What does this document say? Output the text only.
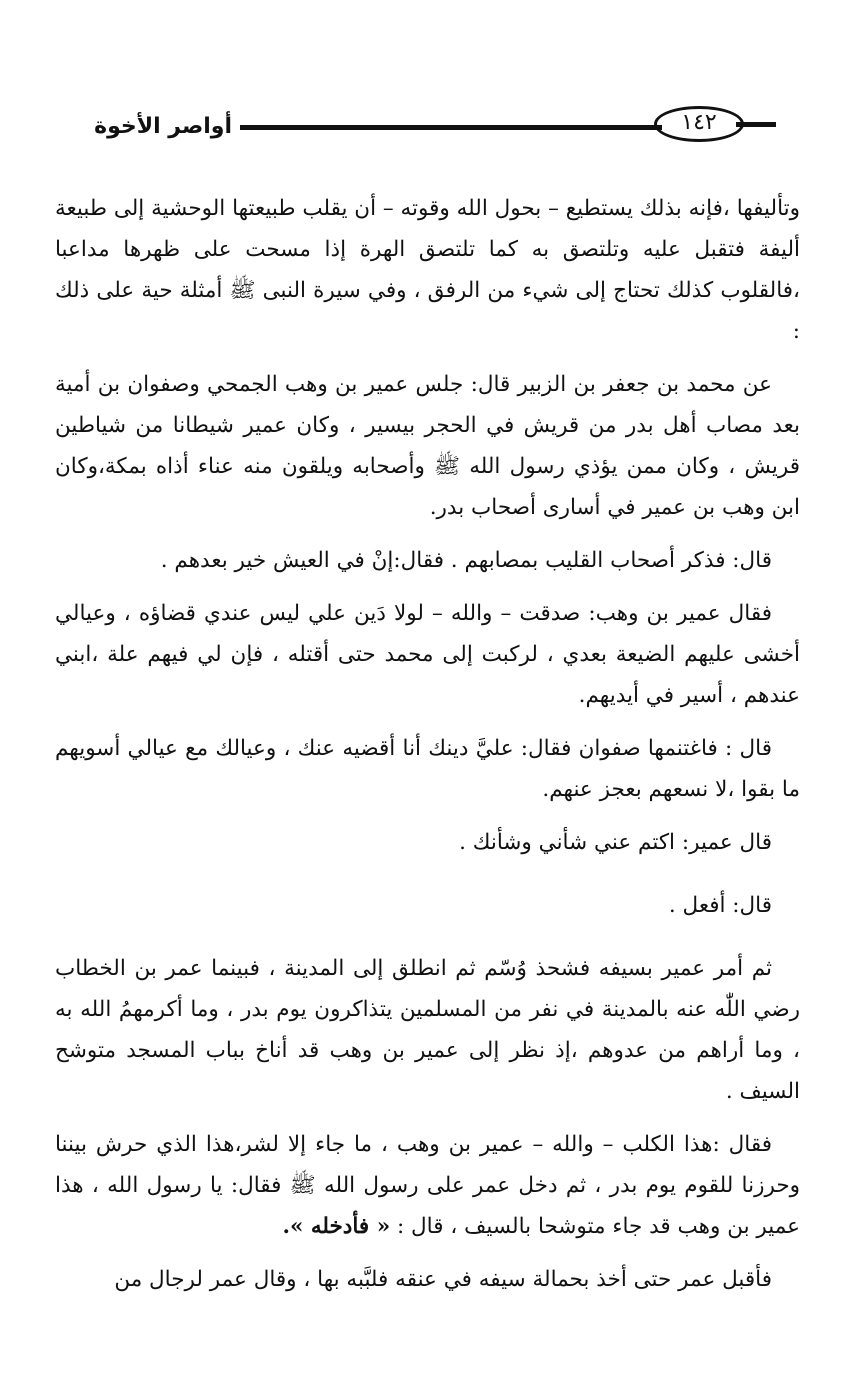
أواصر الأخوة	١٤٢

وتأليفها ،فإنه بذلك يستطيع – بحول الله وقوته – أن يقلب طبيعتها الوحشية إلى طبيعة أليفة فتقبل عليه وتلتصق به كما تلتصق الهرة إذا مسحت على ظهرها مداعبا ،فالقلوب كذلك تحتاج إلى شيء من الرفق ، وفي سيرة النبى ﷺ أمثلة حية على ذلك :

عن محمد بن جعفر بن الزبير قال: جلس عمير بن وهب الجمحي وصفوان بن أمية بعد مصاب أهل بدر من قريش في الحجر بيسير ، وكان عمير شيطانا من شياطين قريش ، وكان ممن يؤذي رسول الله ﷺ وأصحابه ويلقون منه عناء أذاه بمكة،وكان ابن وهب بن عمير في أسارى أصحاب بدر.

قال: فذكر أصحاب القليب بمصابهم . فقال:إنْ في العيش خير بعدهم .

فقال عمير بن وهب: صدقت – والله – لولا دَين علي ليس عندي قضاؤه ، وعيالي أخشى عليهم الضيعة بعدي ، لركبت إلى محمد حتى أقتله ، فإن لي فيهم علة ،ابني عندهم ، أسير في أيديهم.

قال : فاغتنمها صفوان فقال: عليَّ دينك أنا أقضيه عنك ، وعيالك مع عيالي أسويهم ما بقوا ،لا نسعهم بعجز عنهم.

قال عمير: اكتم عني شأني وشأنك .

قال: أفعل .

ثم أمر عمير بسيفه فشحذ وُسّم ثم انطلق إلى المدينة ، فبينما عمر بن الخطاب رضي اللّٰه عنه بالمدينة في نفر من المسلمين يتذاكرون يوم بدر ، وما أكرمهمُ الله به ، وما أراهم من عدوهم ،إذ نظر إلى عمير بن وهب قد أناخ بباب المسجد متوشح السيف .

فقال :هذا الكلب – والله – عمير بن وهب ، ما جاء إلا لشر،هذا الذي حرش بيننا وحرزنا للقوم يوم بدر ، ثم دخل عمر على رسول الله ﷺ فقال: يا رسول الله ، هذا عمير بن وهب قد جاء متوشحا بالسيف ، قال : « فأدخله ».

فأقبل عمر حتى أخذ بحمالة سيفه في عنقه فلبَّبه بها ، وقال عمر لرجال من
